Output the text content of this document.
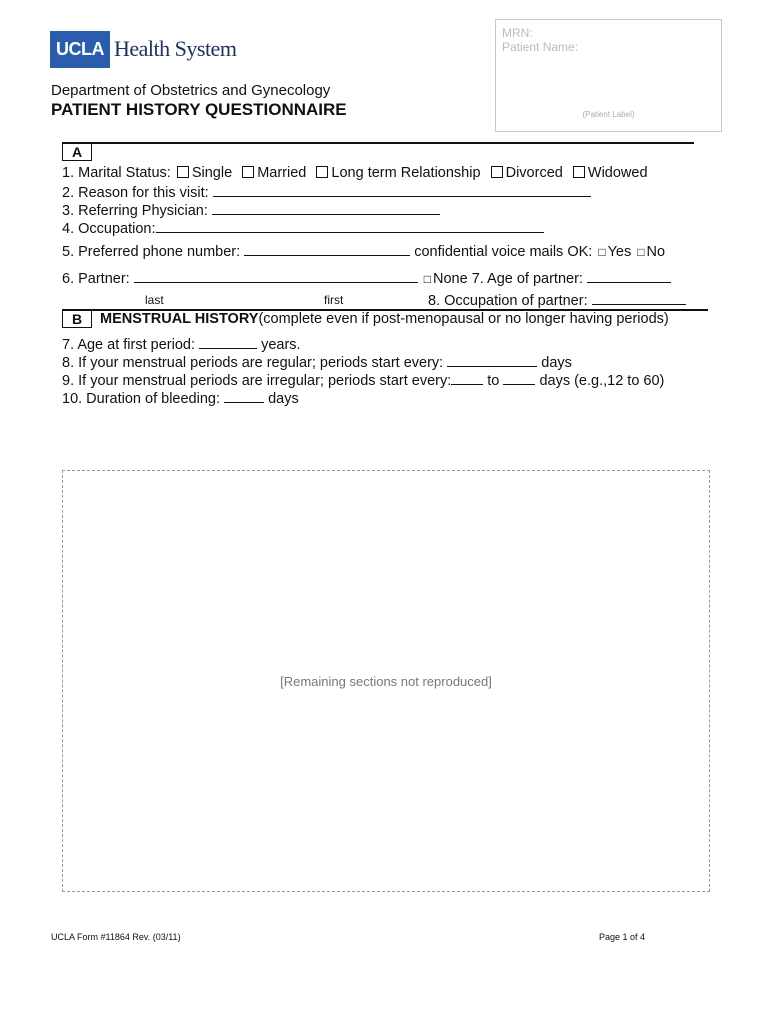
UCLA Health System
MRN:
Patient Name:
(Patient Label)
Department of Obstetrics and Gynecology
PATIENT HISTORY QUESTIONNAIRE
A
1. Marital Status: Single Married Long term Relationship Divorced Widowed
2. Reason for this visit:
3. Referring Physician:
4. Occupation:
5. Preferred phone number:	confidential voice mails OK: □ Yes □ No
6. Partner:	□ None 7. Age of partner:
last	first	8. Occupation of partner:
B	MENSTRUAL HISTORY(complete even if post-menopausal or no longer having periods)
7. Age at first period:	years.
8. If your menstrual periods are regular; periods start every:	days
9. If your menstrual periods are irregular; periods start every: to	days (e.g.,12 to 60)
10. Duration of bleeding:	days
[Remaining sections not reproduced]
UCLA Form #11864 Rev. (03/11)	Page 1 of 4
